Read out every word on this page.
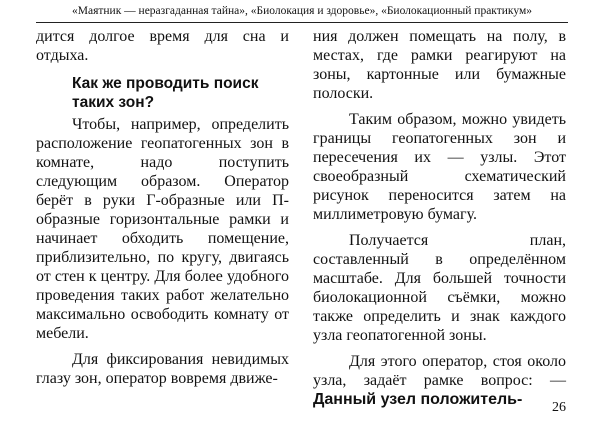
«Маятник — неразгаданная тайна», «Биолокация и здоровье», «Биолокационный практикум»

дится долгое время для сна и отдыха.

Как же проводить поиск таких зон?

Чтобы, например, определить расположение геопатогенных зон в комнате, надо поступить следующим образом. Оператор берёт в руки Г-образные или П-образные горизонтальные рамки и начинает обходить помещение, приблизительно, по кругу, двигаясь от стен к центру. Для более удобного проведения таких работ желательно максимально освободить комнату от мебели.

Для фиксирования невидимых глазу зон, оператор вовремя движе-

ния должен помещать на полу, в местах, где рамки реагируют на зоны, картонные или бумажные полоски.

Таким образом, можно увидеть границы геопатогенных зон и пересечения их — узлы. Этот своеобразный схематический рисунок переносится затем на миллиметровую бумагу.

Получается план, составленный в определённом масштабе. Для большей точности биолокационной съёмки, можно также определить и знак каждого узла геопатогенной зоны.

Для этого оператор, стоя около узла, задаёт рамке вопрос: — Данный узел положитель-	26
